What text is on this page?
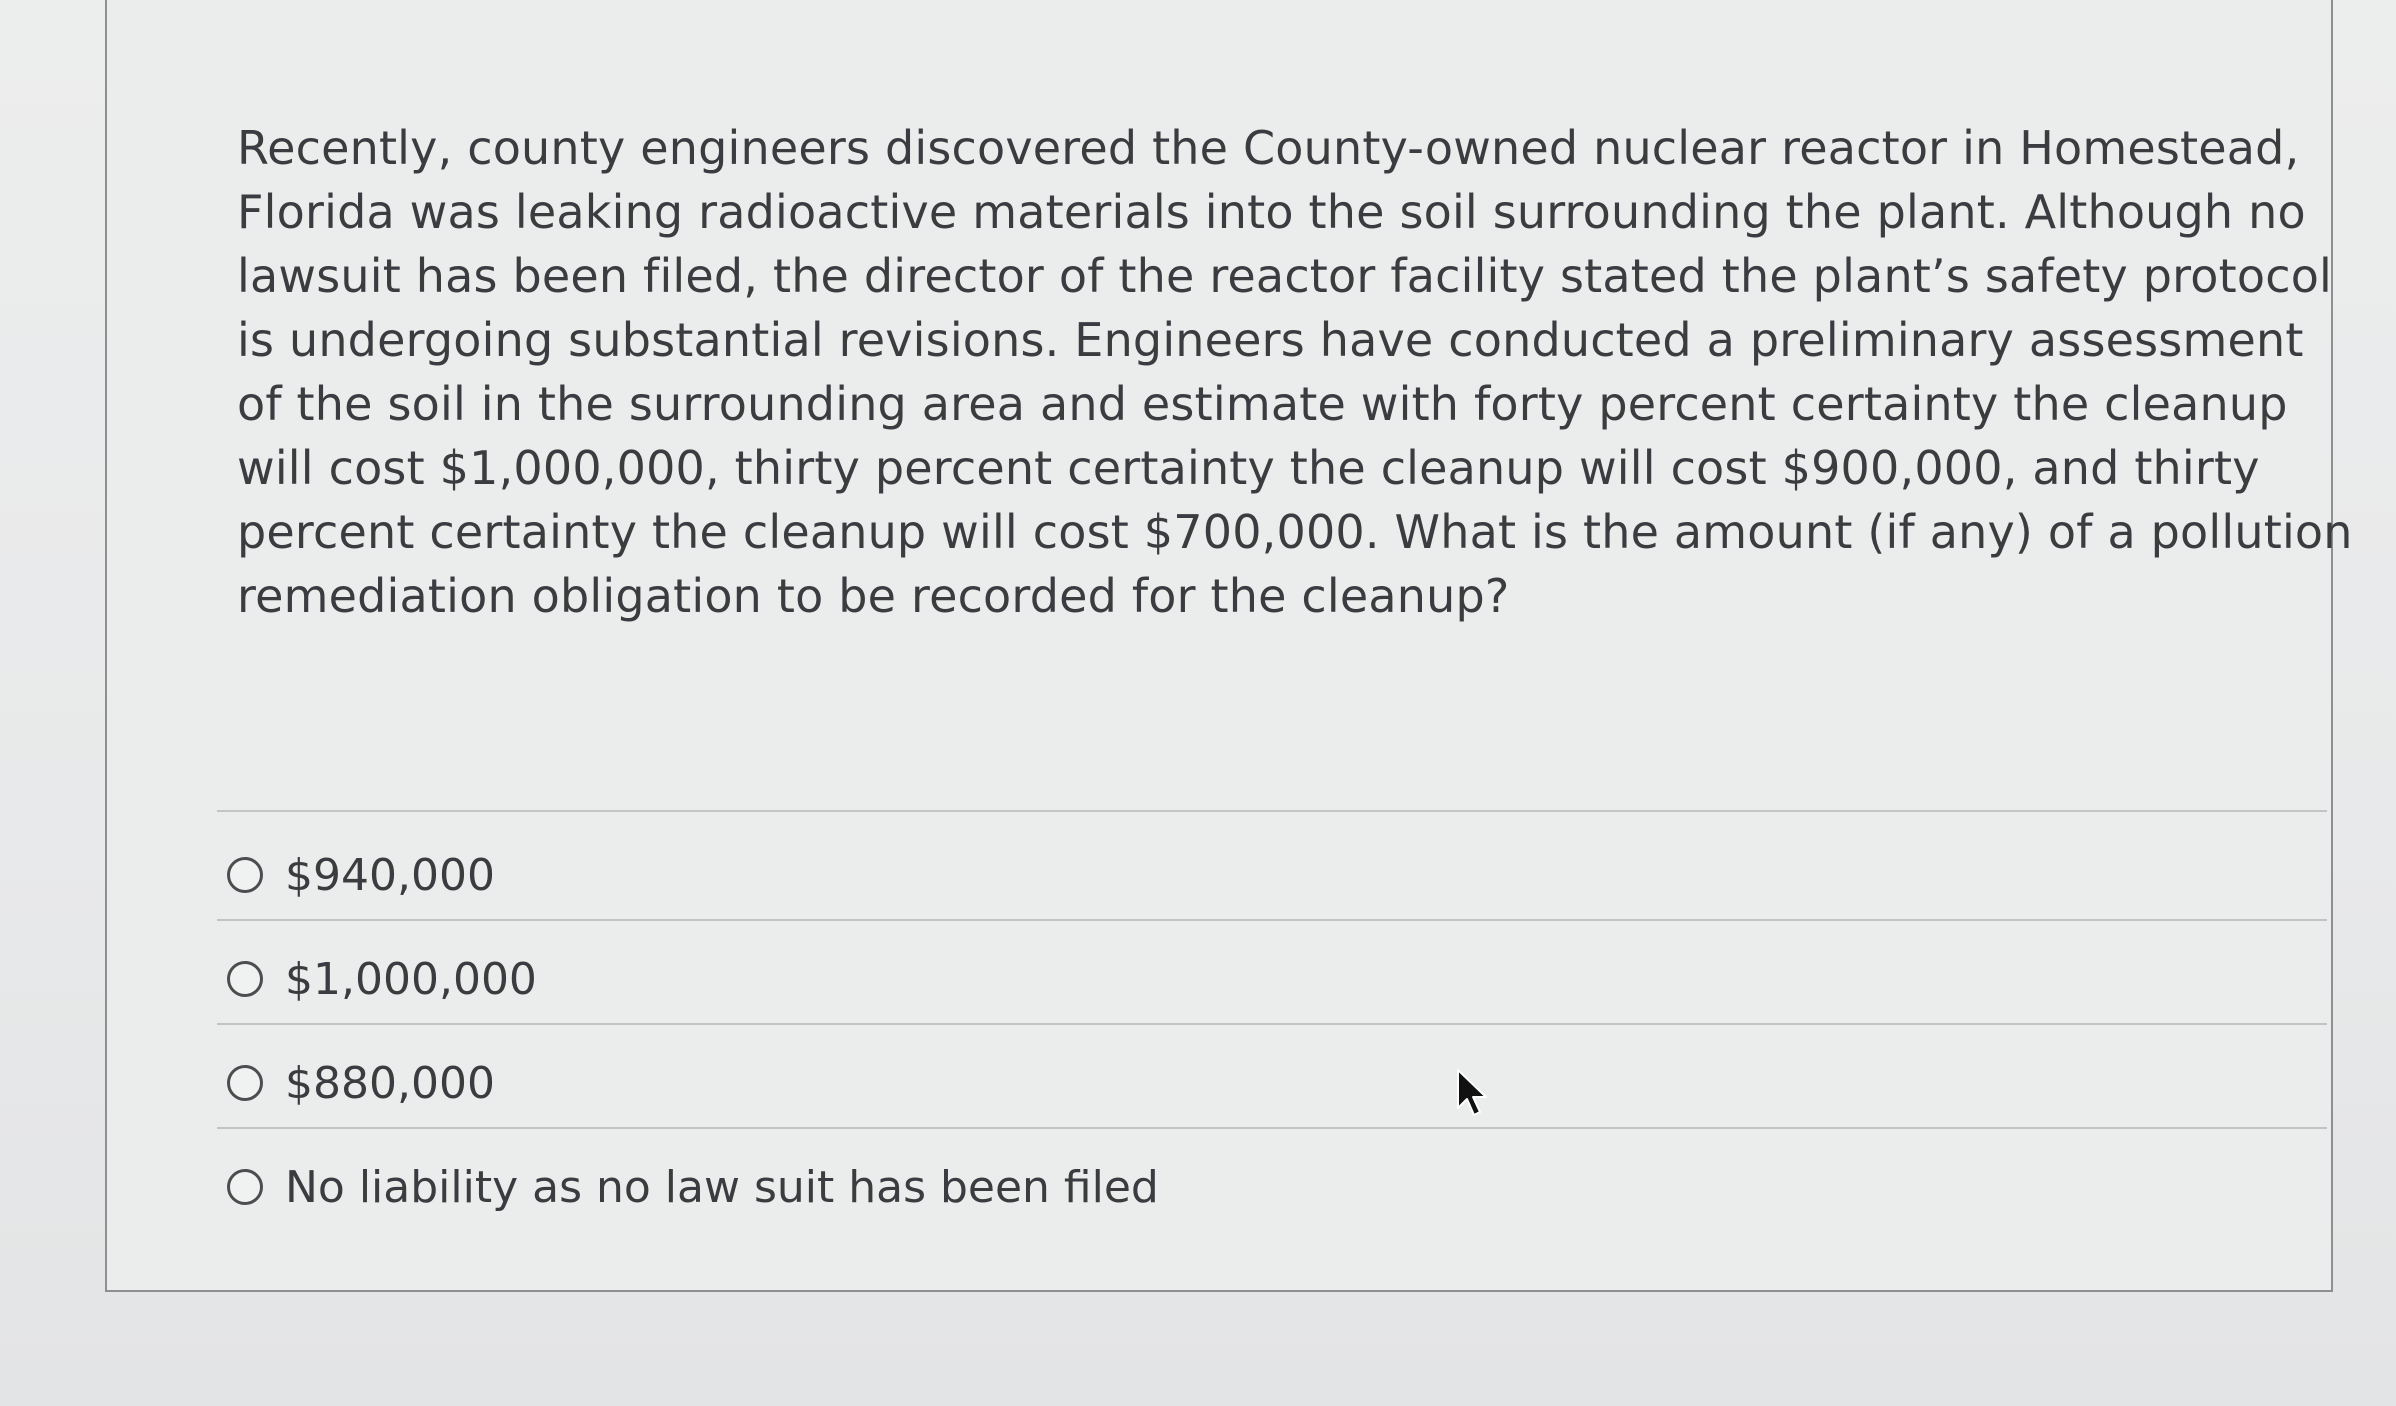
Recently, county engineers discovered the County-owned nuclear reactor in Homestead, Florida was leaking radioactive materials into the soil surrounding the plant. Although no lawsuit has been filed, the director of the reactor facility stated the plant’s safety protocol is undergoing substantial revisions. Engineers have conducted a preliminary assessment of the soil in the surrounding area and estimate with forty percent certainty the cleanup will cost $1,000,000, thirty percent certainty the cleanup will cost $900,000, and thirty percent certainty the cleanup will cost $700,000. What is the amount (if any) of a pollution remediation obligation to be recorded for the cleanup?

$940,000
$1,000,000
$880,000
No liability as no law suit has been filed
